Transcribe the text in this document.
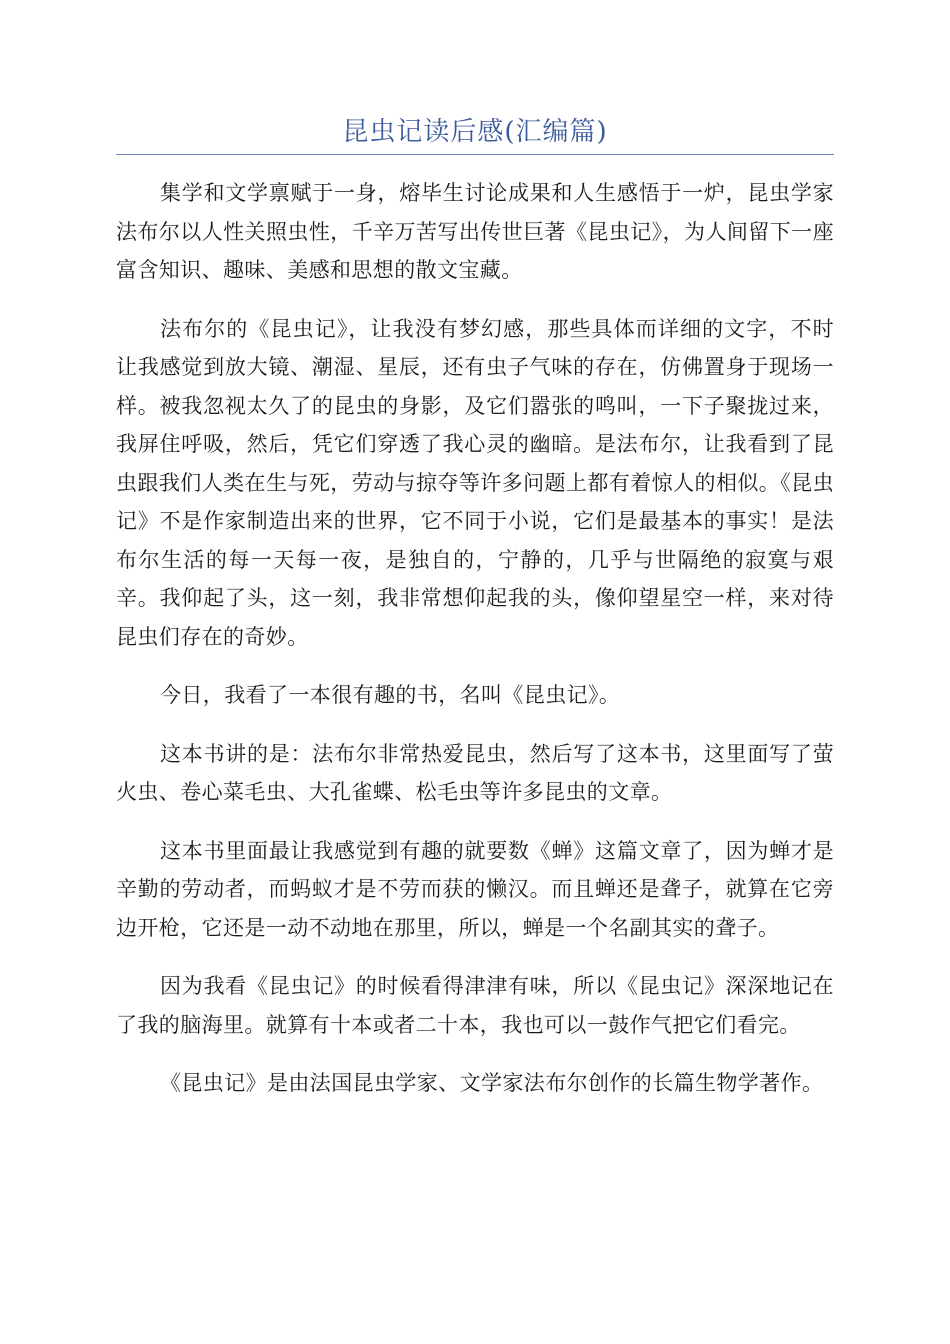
昆虫记读后感(汇编篇)

集学和文学禀赋于一身，熔毕生讨论成果和人生感悟于一炉，昆虫学家法布尔以人性关照虫性，千辛万苦写出传世巨著《昆虫记》，为人间留下一座富含知识、趣味、美感和思想的散文宝藏。

法布尔的《昆虫记》，让我没有梦幻感，那些具体而详细的文字，不时让我感觉到放大镜、潮湿、星辰，还有虫子气味的存在，仿佛置身于现场一样。被我忽视太久了的昆虫的身影，及它们嚣张的鸣叫，一下子聚拢过来，我屏住呼吸，然后，凭它们穿透了我心灵的幽暗。是法布尔，让我看到了昆虫跟我们人类在生与死，劳动与掠夺等许多问题上都有着惊人的相似。《昆虫记》不是作家制造出来的世界，它不同于小说，它们是最基本的事实！是法布尔生活的每一天每一夜，是独自的，宁静的，几乎与世隔绝的寂寞与艰辛。我仰起了头，这一刻，我非常想仰起我的头，像仰望星空一样，来对待昆虫们存在的奇妙。

今日，我看了一本很有趣的书，名叫《昆虫记》。

这本书讲的是：法布尔非常热爱昆虫，然后写了这本书，这里面写了萤火虫、卷心菜毛虫、大孔雀蝶、松毛虫等许多昆虫的文章。

这本书里面最让我感觉到有趣的就要数《蝉》这篇文章了，因为蝉才是辛勤的劳动者，而蚂蚁才是不劳而获的懒汉。而且蝉还是聋子，就算在它旁边开枪，它还是一动不动地在那里，所以，蝉是一个名副其实的聋子。

因为我看《昆虫记》的时候看得津津有味，所以《昆虫记》深深地记在了我的脑海里。就算有十本或者二十本，我也可以一鼓作气把它们看完。

《昆虫记》是由法国昆虫学家、文学家法布尔创作的长篇生物学著作。
